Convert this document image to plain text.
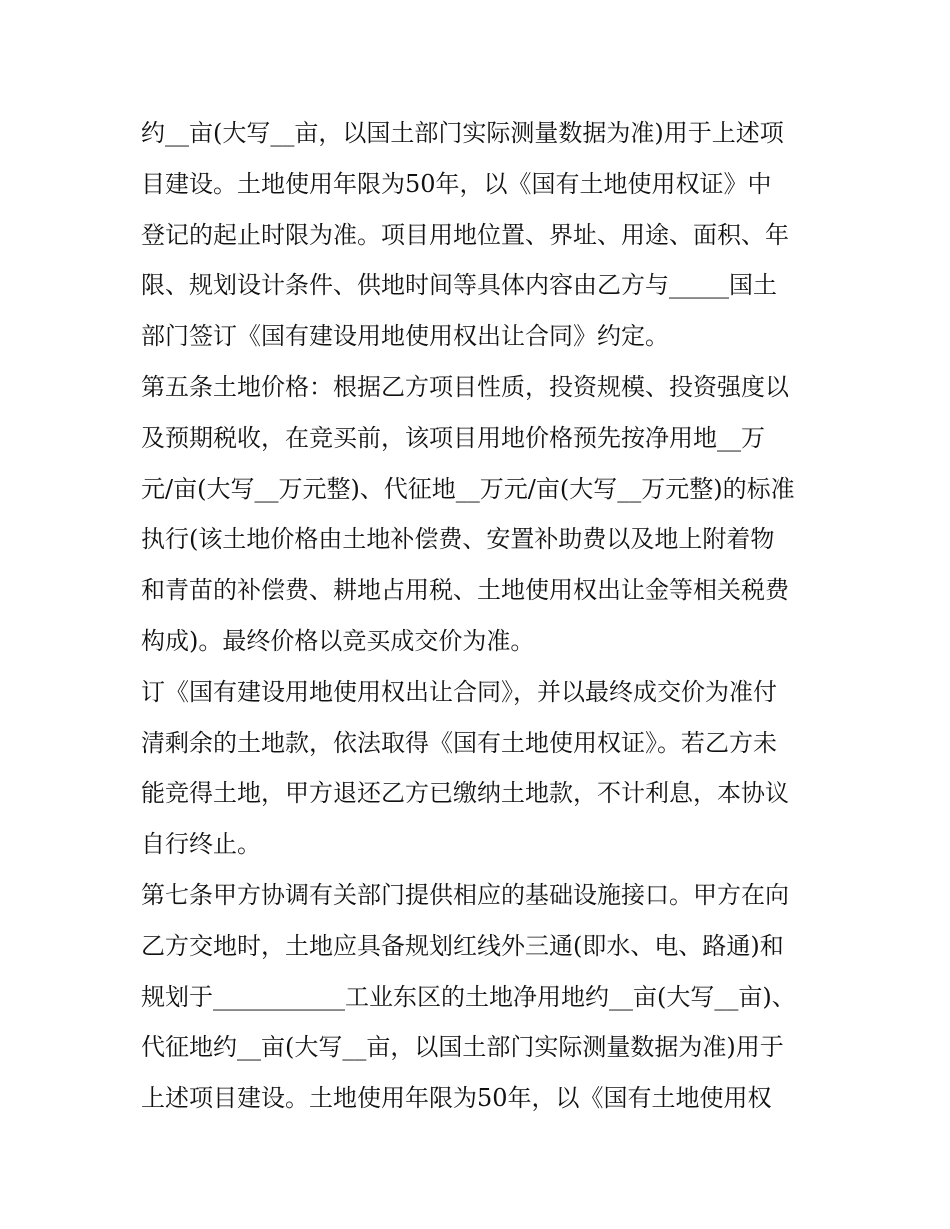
约__亩(大写__亩，以国土部门实际测量数据为准)用于上述项
目建设。土地使用年限为50年，以《国有土地使用权证》中
登记的起止时限为准。项目用地位置、界址、用途、面积、年
限、规划设计条件、供地时间等具体内容由乙方与_____国土
部门签订《国有建设用地使用权出让合同》约定。
第五条土地价格：根据乙方项目性质，投资规模、投资强度以
及预期税收，在竞买前，该项目用地价格预先按净用地__万
元/亩(大写__万元整)、代征地__万元/亩(大写__万元整)的标准
执行(该土地价格由土地补偿费、安置补助费以及地上附着物
和青苗的补偿费、耕地占用税、土地使用权出让金等相关税费
构成)。最终价格以竞买成交价为准。
订《国有建设用地使用权出让合同》，并以最终成交价为准付
清剩余的土地款，依法取得《国有土地使用权证》。若乙方未
能竞得土地，甲方退还乙方已缴纳土地款，不计利息，本协议
自行终止。
第七条甲方协调有关部门提供相应的基础设施接口。甲方在向
乙方交地时，土地应具备规划红线外三通(即水、电、路通)和
规划于___________工业东区的土地净用地约__亩(大写__亩)、
代征地约__亩(大写__亩，以国土部门实际测量数据为准)用于
上述项目建设。土地使用年限为50年，以《国有土地使用权
